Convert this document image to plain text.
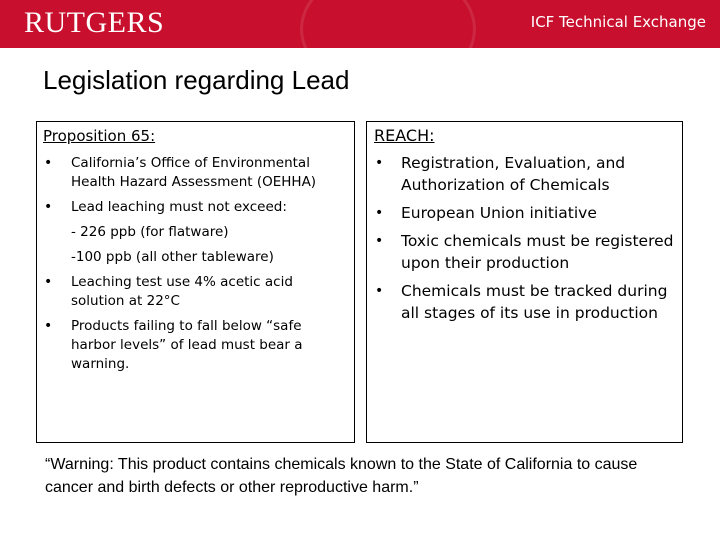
RUTGERS	ICF Technical Exchange
Legislation regarding Lead
Proposition 65:
• California’s Office of Environmental Health Hazard Assessment (OEHHA)
• Lead leaching must not exceed:
- 226 ppb (for flatware)
-100 ppb (all other tableware)
• Leaching test use 4% acetic acid solution at 22°C
• Products failing to fall below “safe harbor levels” of lead must bear a warning.
REACH:
• Registration, Evaluation, and Authorization of Chemicals
• European Union initiative
• Toxic chemicals must be registered upon their production
• Chemicals must be tracked during all stages of its use in production
“Warning: This product contains chemicals known to the State of California to cause cancer and birth defects or other reproductive harm.”
